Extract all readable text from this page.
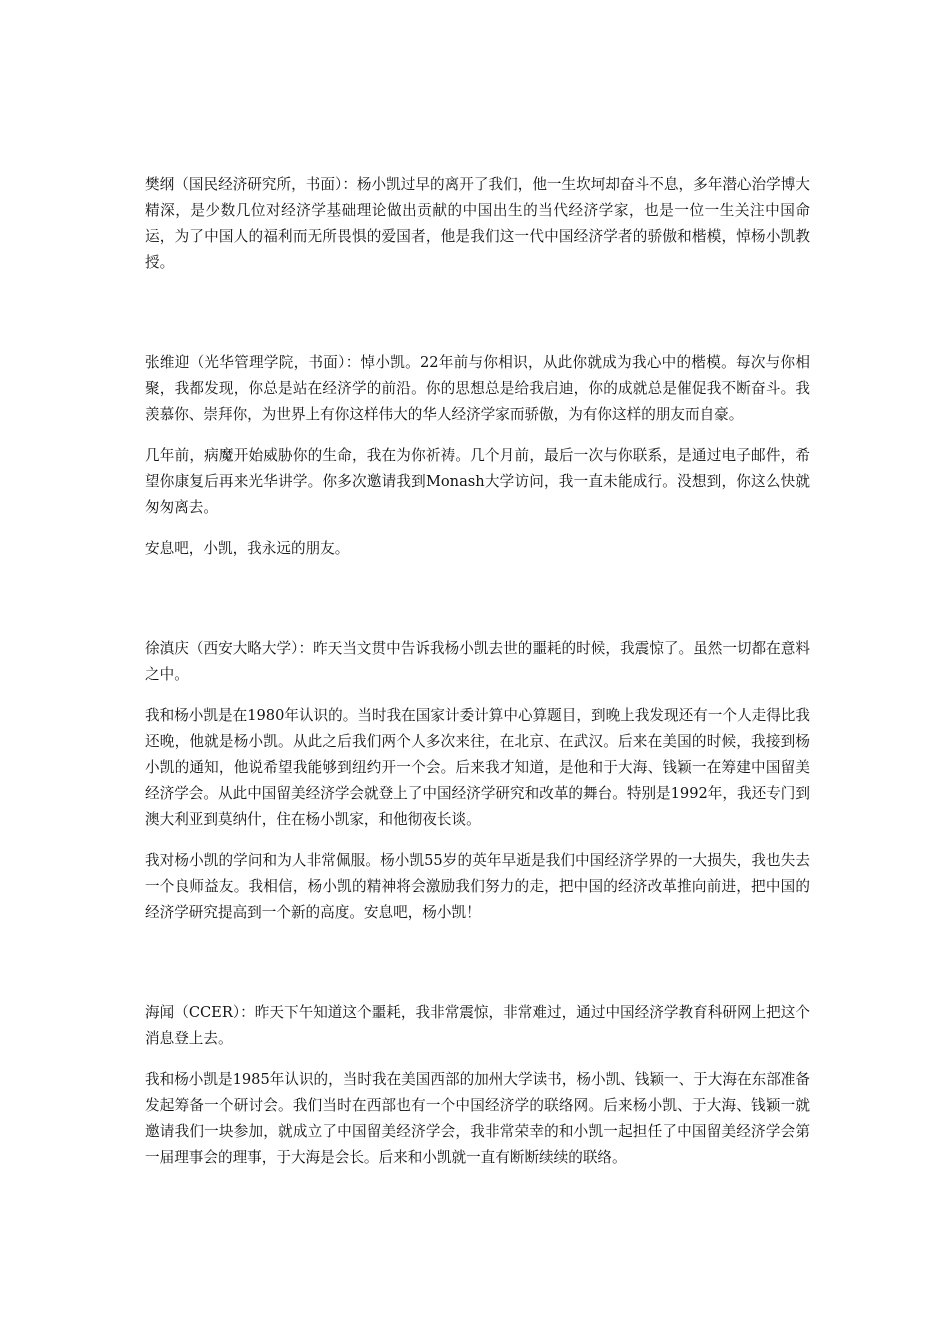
樊纲（国民经济研究所，书面）：杨小凯过早的离开了我们，他一生坎坷却奋斗不息，多年潜心治学博大精深，是少数几位对经济学基础理论做出贡献的中国出生的当代经济学家，也是一位一生关注中国命运，为了中国人的福利而无所畏惧的爱国者，他是我们这一代中国经济学者的骄傲和楷模，悼杨小凯教授。

张维迎（光华管理学院，书面）：悼小凯。22年前与你相识，从此你就成为我心中的楷模。每次与你相聚，我都发现，你总是站在经济学的前沿。你的思想总是给我启迪，你的成就总是催促我不断奋斗。我羡慕你、崇拜你，为世界上有你这样伟大的华人经济学家而骄傲，为有你这样的朋友而自豪。

几年前，病魔开始威胁你的生命，我在为你祈祷。几个月前，最后一次与你联系，是通过电子邮件，希望你康复后再来光华讲学。你多次邀请我到Monash大学访问，我一直未能成行。没想到，你这么快就匆匆离去。

安息吧，小凯，我永远的朋友。

徐滇庆（西安大略大学）：昨天当文贯中告诉我杨小凯去世的噩耗的时候，我震惊了。虽然一切都在意料之中。

我和杨小凯是在1980年认识的。当时我在国家计委计算中心算题目，到晚上我发现还有一个人走得比我还晚，他就是杨小凯。从此之后我们两个人多次来往，在北京、在武汉。后来在美国的时候，我接到杨小凯的通知，他说希望我能够到纽约开一个会。后来我才知道，是他和于大海、钱颖一在筹建中国留美经济学会。从此中国留美经济学会就登上了中国经济学研究和改革的舞台。特别是1992年，我还专门到澳大利亚到莫纳什，住在杨小凯家，和他彻夜长谈。

我对杨小凯的学问和为人非常佩服。杨小凯55岁的英年早逝是我们中国经济学界的一大损失，我也失去一个良师益友。我相信，杨小凯的精神将会激励我们努力的走，把中国的经济改革推向前进，把中国的经济学研究提高到一个新的高度。安息吧，杨小凯！

海闻（CCER）：昨天下午知道这个噩耗，我非常震惊，非常难过，通过中国经济学教育科研网上把这个消息登上去。

我和杨小凯是1985年认识的，当时我在美国西部的加州大学读书，杨小凯、钱颖一、于大海在东部准备发起筹备一个研讨会。我们当时在西部也有一个中国经济学的联络网。后来杨小凯、于大海、钱颖一就邀请我们一块参加，就成立了中国留美经济学会，我非常荣幸的和小凯一起担任了中国留美经济学会第一届理事会的理事，于大海是会长。后来和小凯就一直有断断续续的联络。
